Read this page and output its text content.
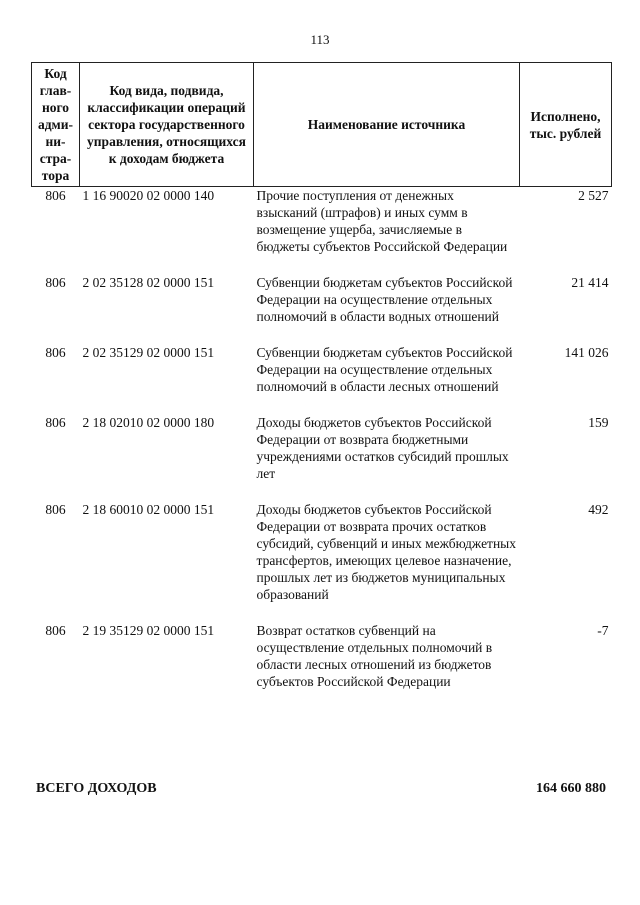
113
Код глав-ного адми-ни-стра-тора	Код вида, подвида, классификации операций сектора государственного управления, относящихся к доходам бюджета	Наименование источника	Исполнено, тыс. рублей
806	1 16 90020 02 0000 140	Прочие поступления от денежных взысканий (штрафов) и иных сумм в возмещение ущерба, зачисляемые в бюджеты субъектов Российской Федерации	2 527

806	2 02 35128 02 0000 151	Субвенции бюджетам субъектов Российской Федерации на осуществление отдельных полномочий в области водных отношений	21 414

806	2 02 35129 02 0000 151	Субвенции бюджетам субъектов Российской Федерации на осуществление отдельных полномочий в области лесных отношений	141 026

806	2 18 02010 02 0000 180	Доходы бюджетов субъектов Российской Федерации от возврата бюджетными учреждениями остатков субсидий прошлых лет	159

806	2 18 60010 02 0000 151	Доходы бюджетов субъектов Российской Федерации от возврата прочих остатков субсидий, субвенций и иных межбюджетных трансфертов, имеющих целевое назначение, прошлых лет из бюджетов муниципальных образований	492

806	2 19 35129 02 0000 151	Возврат остатков субвенций на осуществление отдельных полномочий в области лесных отношений из бюджетов субъектов Российской Федерации	-7
ВСЕГО ДОХОДОВ	164 660 880
